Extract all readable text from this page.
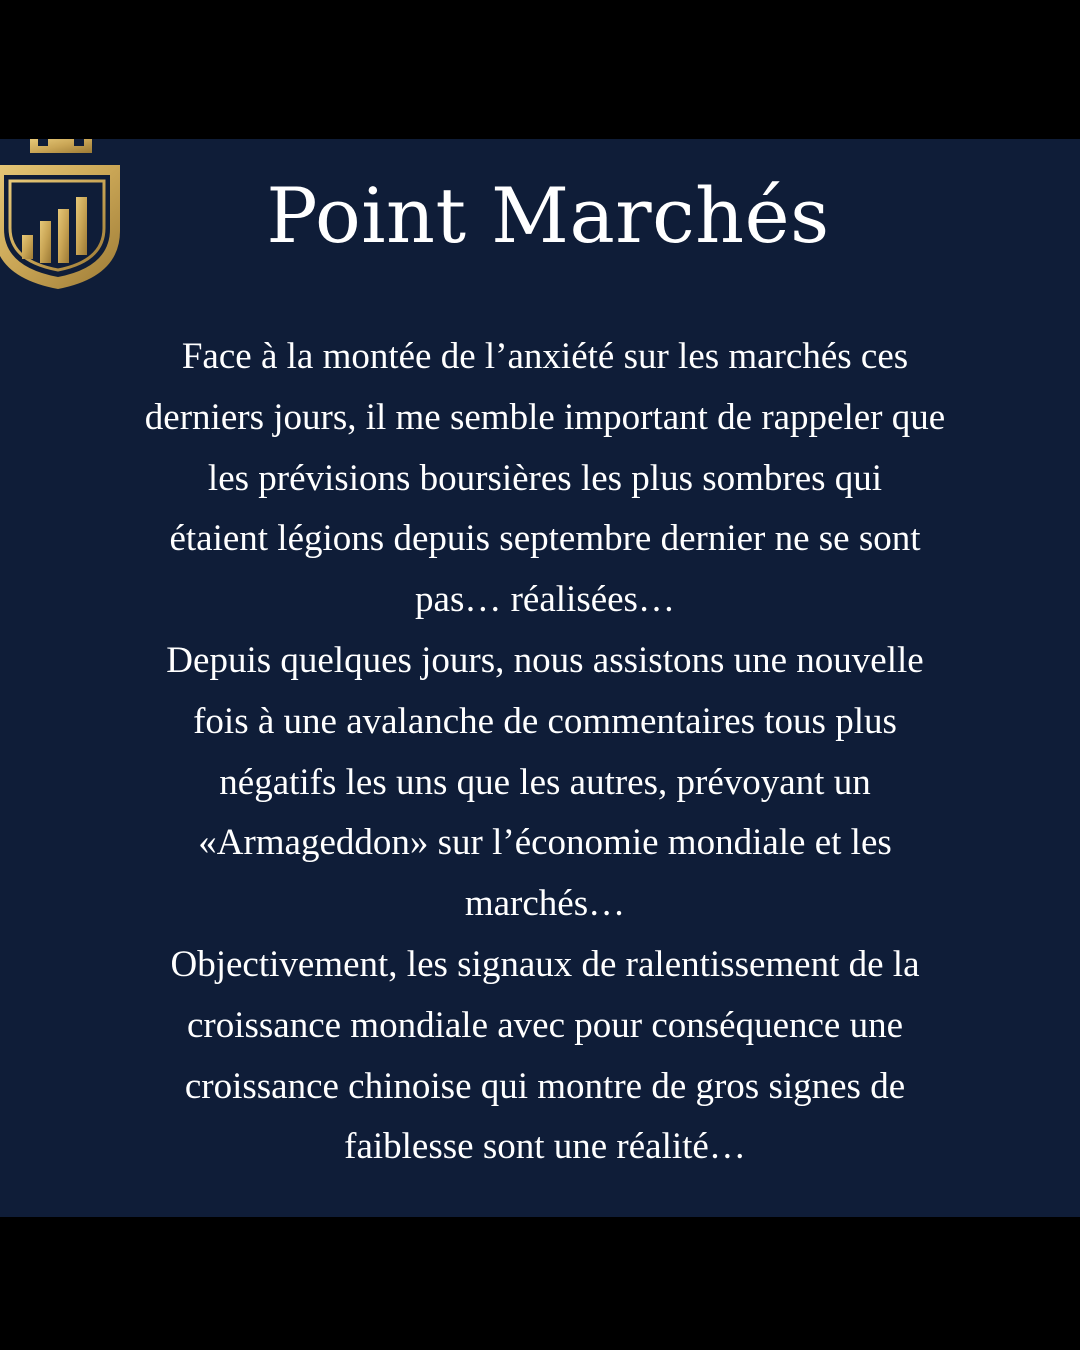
Point Marchés

Face à la montée de l’anxiété sur les marchés ces
derniers jours, il me semble important de rappeler que
les prévisions boursières les plus sombres qui
étaient légions depuis septembre dernier ne se sont
pas… réalisées…
Depuis quelques jours, nous assistons une nouvelle
fois à une avalanche de commentaires tous plus
négatifs les uns que les autres, prévoyant un
«Armageddon» sur l’économie mondiale et les
marchés…
Objectivement, les signaux de ralentissement de la
croissance mondiale avec pour conséquence une
croissance chinoise qui montre de gros signes de
faiblesse sont une réalité…
